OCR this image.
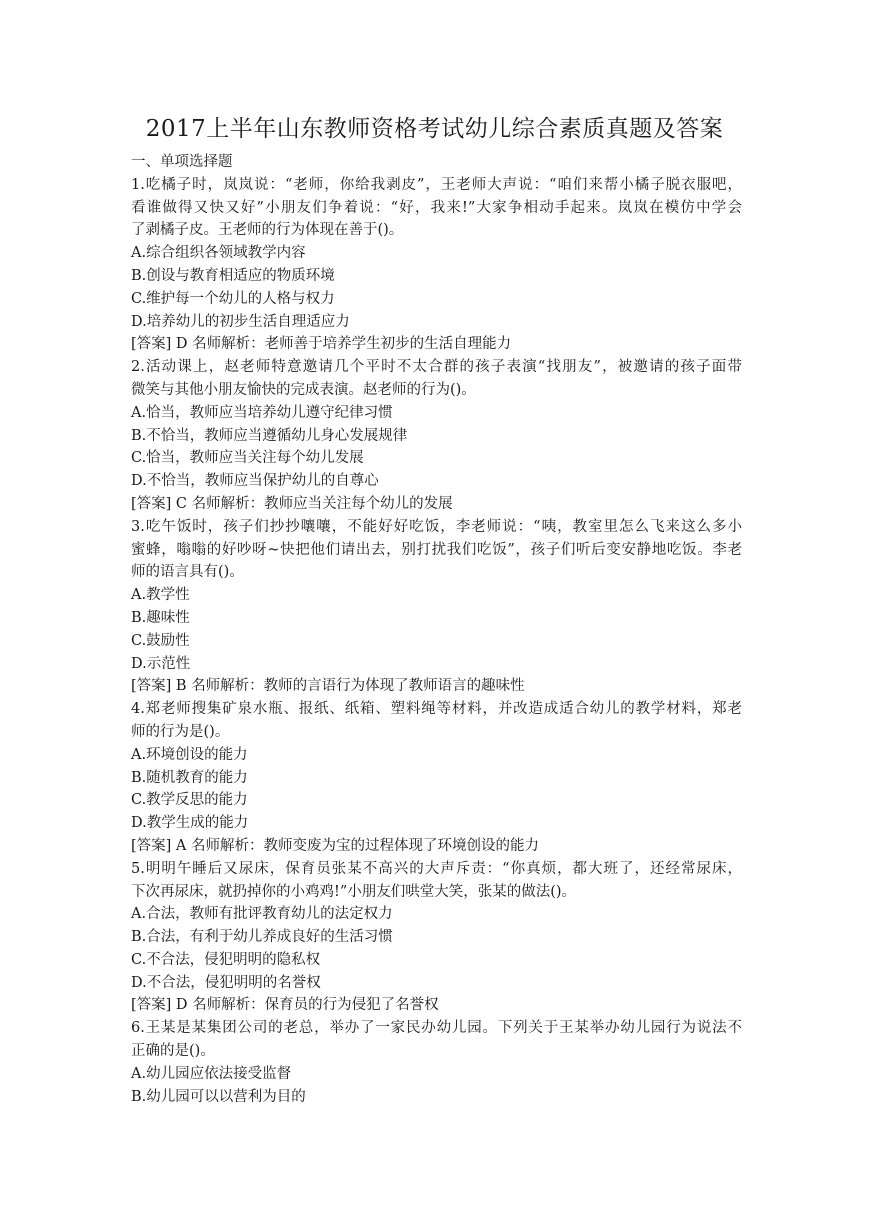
2017上半年山东教师资格考试幼儿综合素质真题及答案
一、单项选择题
1.吃橘子时，岚岚说：“老师，你给我剥皮”，王老师大声说：“咱们来帮小橘子脱衣服吧，
看谁做得又快又好”小朋友们争着说：“好，我来!”大家争相动手起来。岚岚在模仿中学会
了剥橘子皮。王老师的行为体现在善于()。
A.综合组织各领域教学内容
B.创设与教育相适应的物质环境
C.维护每一个幼儿的人格与权力
D.培养幼儿的初步生活自理适应力
[答案] D 名师解析：老师善于培养学生初步的生活自理能力
2.活动课上，赵老师特意邀请几个平时不太合群的孩子表演“找朋友”，被邀请的孩子面带
微笑与其他小朋友愉快的完成表演。赵老师的行为()。
A.恰当，教师应当培养幼儿遵守纪律习惯
B.不恰当，教师应当遵循幼儿身心发展规律
C.恰当，教师应当关注每个幼儿发展
D.不恰当，教师应当保护幼儿的自尊心
[答案] C 名师解析：教师应当关注每个幼儿的发展
3.吃午饭时，孩子们抄抄嚷嚷，不能好好吃饭，李老师说：“咦，教室里怎么飞来这么多小
蜜蜂，嗡嗡的好吵呀~快把他们请出去，别打扰我们吃饭”，孩子们听后变安静地吃饭。李老
师的语言具有()。
A.教学性
B.趣味性
C.鼓励性
D.示范性
[答案] B 名师解析：教师的言语行为体现了教师语言的趣味性
4.郑老师搜集矿泉水瓶、报纸、纸箱、塑料绳等材料，并改造成适合幼儿的教学材料，郑老
师的行为是()。
A.环境创设的能力
B.随机教育的能力
C.教学反思的能力
D.教学生成的能力
[答案] A 名师解析：教师变废为宝的过程体现了环境创设的能力
5.明明午睡后又尿床，保育员张某不高兴的大声斥责：“你真烦，都大班了，还经常尿床，
下次再尿床，就扔掉你的小鸡鸡!”小朋友们哄堂大笑，张某的做法()。
A.合法，教师有批评教育幼儿的法定权力
B.合法，有利于幼儿养成良好的生活习惯
C.不合法，侵犯明明的隐私权
D.不合法，侵犯明明的名誉权
[答案] D 名师解析：保育员的行为侵犯了名誉权
6.王某是某集团公司的老总，举办了一家民办幼儿园。下列关于王某举办幼儿园行为说法不
正确的是()。
A.幼儿园应依法接受监督
B.幼儿园可以以营利为目的
